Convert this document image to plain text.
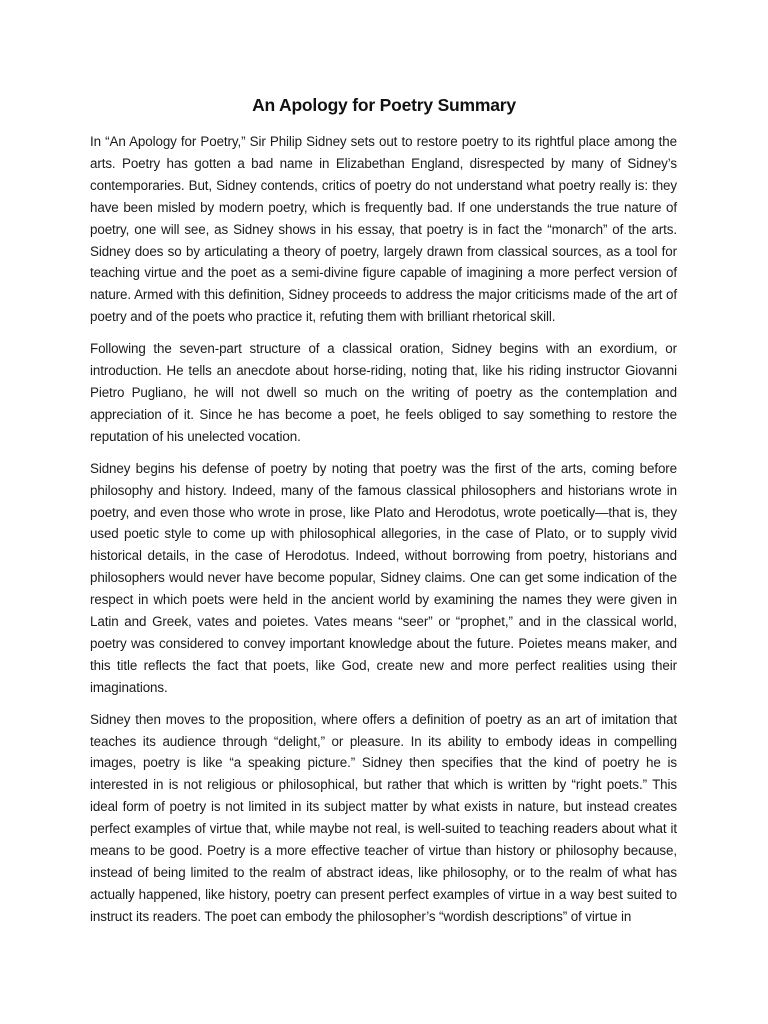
An Apology for Poetry Summary

In “An Apology for Poetry,” Sir Philip Sidney sets out to restore poetry to its rightful place among the arts. Poetry has gotten a bad name in Elizabethan England, disrespected by many of Sidney’s contemporaries. But, Sidney contends, critics of poetry do not understand what poetry really is: they have been misled by modern poetry, which is frequently bad. If one understands the true nature of poetry, one will see, as Sidney shows in his essay, that poetry is in fact the “monarch” of the arts. Sidney does so by articulating a theory of poetry, largely drawn from classical sources, as a tool for teaching virtue and the poet as a semi-divine figure capable of imagining a more perfect version of nature. Armed with this definition, Sidney proceeds to address the major criticisms made of the art of poetry and of the poets who practice it, refuting them with brilliant rhetorical skill.

Following the seven-part structure of a classical oration, Sidney begins with an exordium, or introduction. He tells an anecdote about horse-riding, noting that, like his riding instructor Giovanni Pietro Pugliano, he will not dwell so much on the writing of poetry as the contemplation and appreciation of it. Since he has become a poet, he feels obliged to say something to restore the reputation of his unelected vocation.

Sidney begins his defense of poetry by noting that poetry was the first of the arts, coming before philosophy and history. Indeed, many of the famous classical philosophers and historians wrote in poetry, and even those who wrote in prose, like Plato and Herodotus, wrote poetically—that is, they used poetic style to come up with philosophical allegories, in the case of Plato, or to supply vivid historical details, in the case of Herodotus. Indeed, without borrowing from poetry, historians and philosophers would never have become popular, Sidney claims. One can get some indication of the respect in which poets were held in the ancient world by examining the names they were given in Latin and Greek, vates and poietes. Vates means “seer” or “prophet,” and in the classical world, poetry was considered to convey important knowledge about the future. Poietes means maker, and this title reflects the fact that poets, like God, create new and more perfect realities using their imaginations.

Sidney then moves to the proposition, where offers a definition of poetry as an art of imitation that teaches its audience through “delight,” or pleasure. In its ability to embody ideas in compelling images, poetry is like “a speaking picture.” Sidney then specifies that the kind of poetry he is interested in is not religious or philosophical, but rather that which is written by “right poets.” This ideal form of poetry is not limited in its subject matter by what exists in nature, but instead creates perfect examples of virtue that, while maybe not real, is well-suited to teaching readers about what it means to be good. Poetry is a more effective teacher of virtue than history or philosophy because, instead of being limited to the realm of abstract ideas, like philosophy, or to the realm of what has actually happened, like history, poetry can present perfect examples of virtue in a way best suited to instruct its readers. The poet can embody the philosopher’s “wordish descriptions” of virtue in
